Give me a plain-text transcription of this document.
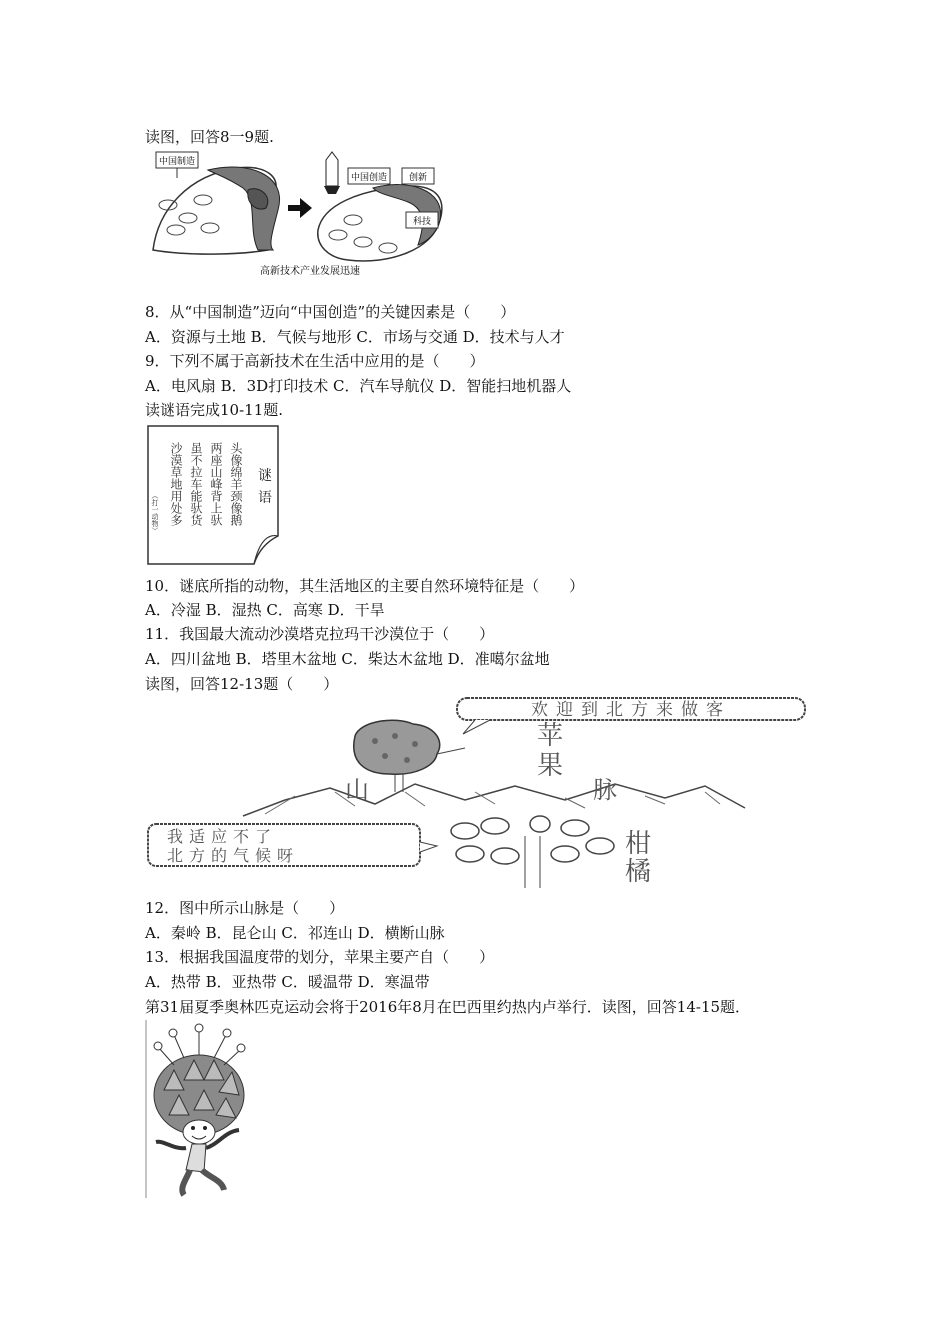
读图，回答8一9题.
中国制造
中国创造 创新
科技
高新技术产业发展迅速
8．从“中国制造”迈向“中国创造”的关键因素是（　　）
A．资源与土地 B．气候与地形 C．市场与交通 D．技术与人才
9．下列不属于高新技术在生活中应用的是（　　）
A．电风扇 B．3D打印技术 C．汽车导航仪 D．智能扫地机器人
读谜语完成10-11题.
头像绵羊颈像鹅
两座山峰背上驮
虽不拉车能驮货
沙漠草地用处多
（打一动物）
谜
语
10．谜底所指的动物，其生活地区的主要自然环境特征是（　　）
A．冷湿 B．湿热 C．高寒 D．干旱
11．我国最大流动沙漠塔克拉玛干沙漠位于（　　）
A．四川盆地 B．塔里木盆地 C．柴达木盆地 D．准噶尔盆地
读图，回答12-13题（　　）
欢迎到北方来做客
苹
果
山	脉
我适应不了
北方的气候呀	柑
橘
12．图中所示山脉是（　　）
A．秦岭 B．昆仑山 C．祁连山 D．横断山脉
13．根据我国温度带的划分，苹果主要产自（　　）
A．热带 B．亚热带 C．暖温带 D．寒温带
第31届夏季奥林匹克运动会将于2016年8月在巴西里约热内卢举行．读图，回答14-15题．
